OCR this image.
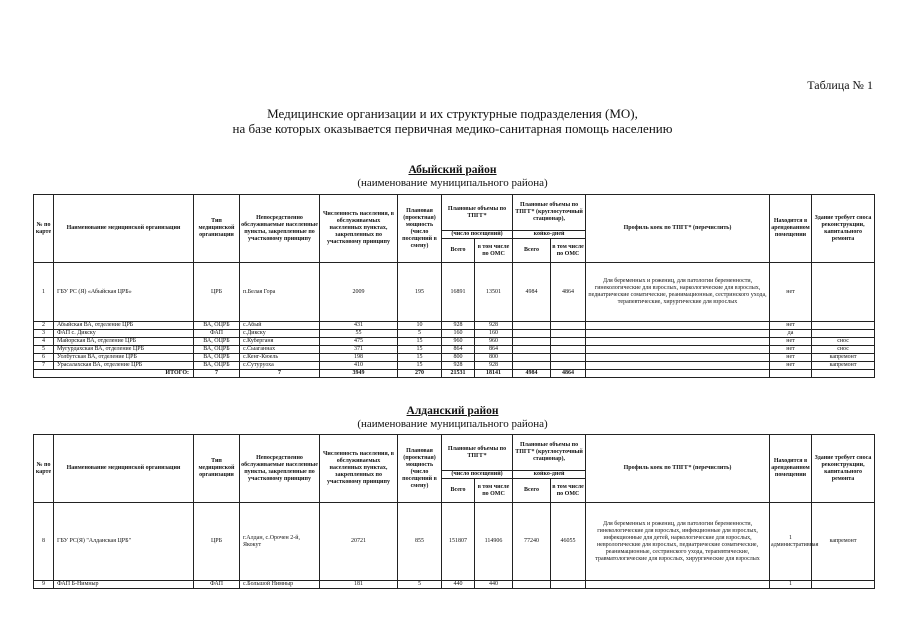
Таблица № 1
Медицинские организации и их структурные подразделения (МО),
на базе которых оказывается первичная медико-санитарная помощь населению
Абыйский район
(наименование муниципального района)
№ по карте	Наименование медицинской организации	Тип медицинской организации	Непосредственно обслуживаемые населенные пункты, закрепленные по участковому принципу	Численность населения, в обслуживаемых населенных пунктах, закрепленных по участковому принципу	Плановая (проектная) мощность (число посещений в смену)	Плановые объемы по ТПГГ*		Плановые объемы по ТПГГ* (круглосуточный стационар),		Профиль коек по ТПГГ* (перечислить)	Находится в арендованном помещении	Здание требует сноса реконструкции, капитального ремонта
						(число посещений)		койко-дней				
						Всего	в том числе по ОМС	Всего	в том числе по ОМС			
1	ГБУ РС (Я) «Абыйская ЦРБ»	ЦРБ	п.Белая Гора	2009	195	16891	13501	4984	4864	Для беременных и рожениц, для патологии беременности, гинекологические для взрослых, наркологические для взрослых, педиатрические соматические, реанимационные, сестринского ухода, терапевтические, хирургические для взрослых	нет	
2	Абыйская ВА, отделение ЦРБ	ВА, ОЦРБ	с.Абый	431	10	928	928				нет	
3	ФАП с. Дикску	ФАП	с.Дикску	55	5	160	160				да	
4	Майорская ВА, отделение ЦРБ	ВА, ОЦРБ	с.Куберганя	475	15	960	960				нет	снос
5	Мугурдахская ВА, отделение ЦРБ	ВА, ОЦРБ	с.Сыаганнах	371	15	864	864				нет	снос
6	Уолбутская ВА, отделение ЦРБ	ВА, ОЦРБ	с.Кенг-Кюель	198	15	800	800				нет	капремонт
7	Урасалахская ВА, отделение ЦРБ	ВА, ОЦРБ	с.Сутуруоха	410	15	928	928				нет	капремонт
ИТОГО:		7	7	3949	270	21531	18141	4984	4864			
Алданский район
(наименование муниципального района)
№ по карте	Наименование медицинской организации	Тип медицинской организации	Непосредственно обслуживаемые населенные пункты, закрепленные по участковому принципу	Численность населения, в обслуживаемых населенных пунктах, закрепленных по участковому принципу	Плановая (проектная) мощность (число посещений в смену)	Плановые объемы по ТПГГ*		Плановые объемы по ТПГГ* (круглосуточный стационар),		Профиль коек по ТПГГ* (перечислить)	Находится в арендованном помещении	Здание требует сноса реконструкции, капитального ремонта
						(число посещений)		койко-дней				
						Всего	в том числе по ОМС	Всего	в том числе по ОМС			
8	ГБУ РС(Я) "Алданская ЦРБ"	ЦРБ	г.Алдан, с.Орочен 2-й, Якокут	20721	855	151807	114906	77240	46055	Для беременных и рожениц, для патологии беременности, гинекологические для взрослых, инфекционные для взрослых, инфекционные для детей, наркологические для взрослых, неврологические для взрослых, педиатрические соматические, реанимационные, сестринского ухода, терапевтические, травматологические для взрослых, хирургические для взрослых	1 административная	капремонт
9	ФАП Б-Нимныр	ФАП	с.Большой Нимныр	181	5	440	440				1	
